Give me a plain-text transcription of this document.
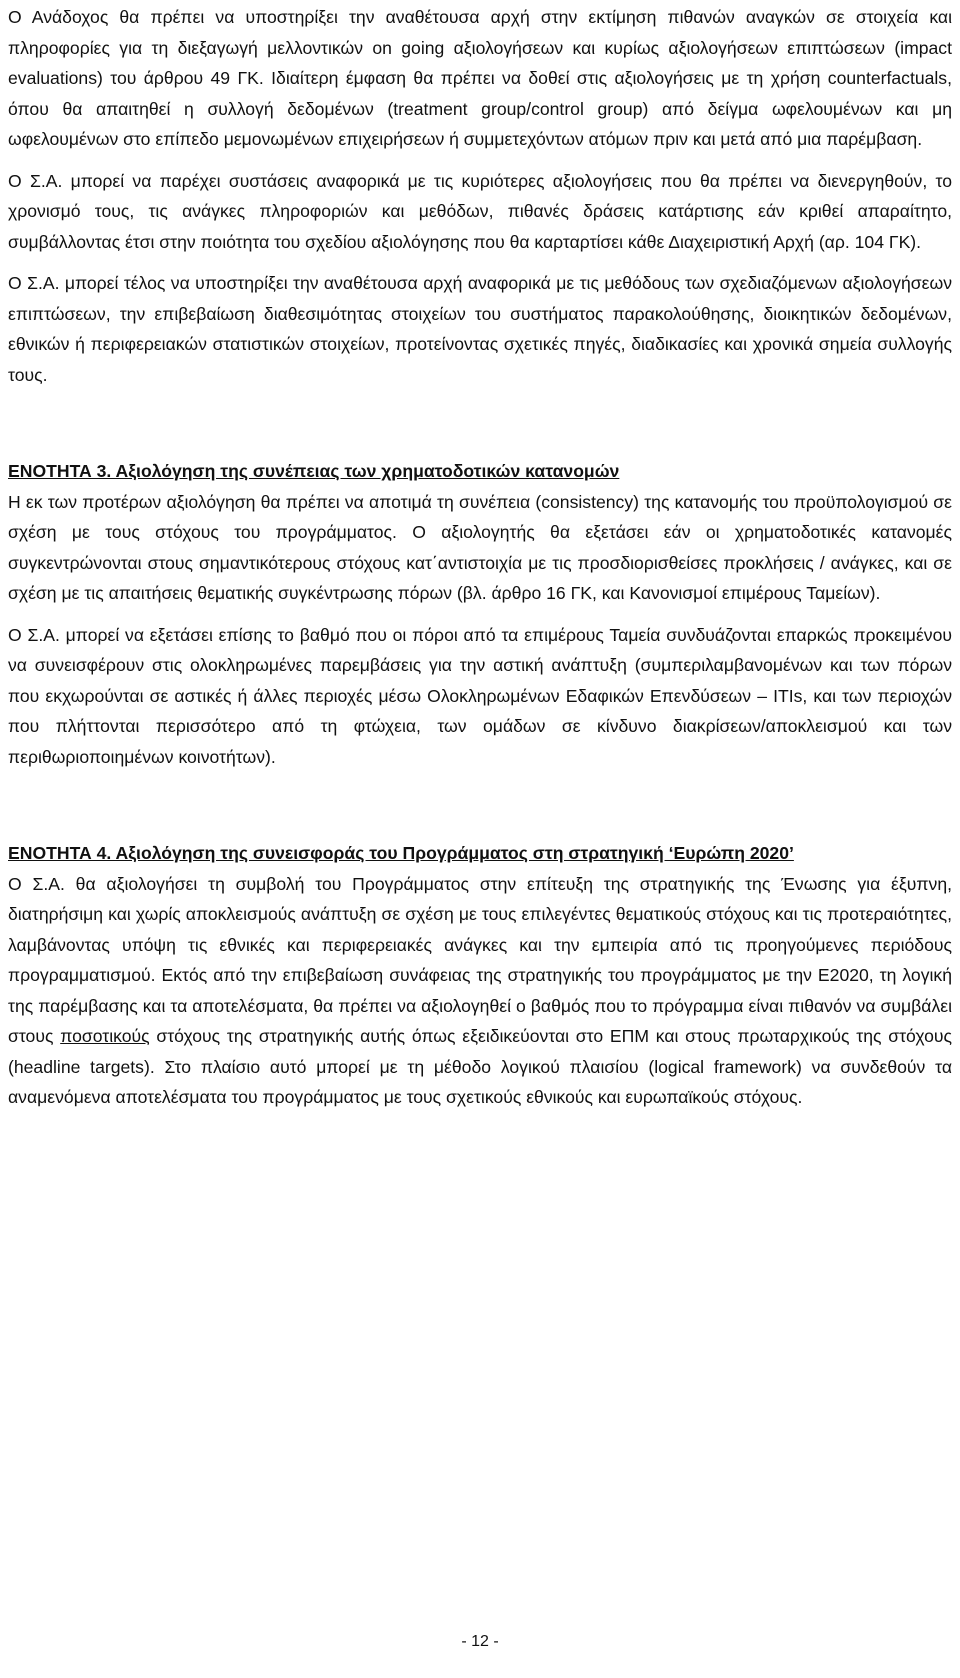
Ο Ανάδοχος θα πρέπει να υποστηρίξει την αναθέτουσα αρχή στην εκτίμηση πιθανών αναγκών σε στοιχεία και πληροφορίες για τη διεξαγωγή μελλοντικών on going αξιολογήσεων και κυρίως αξιολογήσεων επιπτώσεων (impact evaluations) του άρθρου 49 ΓΚ. Ιδιαίτερη έμφαση θα πρέπει να δοθεί στις αξιολογήσεις με τη χρήση counterfactuals, όπου θα απαιτηθεί η συλλογή δεδομένων (treatment group/control group) από δείγμα ωφελουμένων και μη ωφελουμένων στο επίπεδο μεμονωμένων επιχειρήσεων ή συμμετεχόντων ατόμων πριν και μετά από μια παρέμβαση.

Ο Σ.Α. μπορεί να παρέχει συστάσεις αναφορικά με τις κυριότερες αξιολογήσεις που θα πρέπει να διενεργηθούν, το χρονισμό τους, τις ανάγκες πληροφοριών και μεθόδων, πιθανές δράσεις κατάρτισης εάν κριθεί απαραίτητο, συμβάλλοντας έτσι στην ποιότητα του σχεδίου αξιολόγησης που θα καρταρτίσει κάθε Διαχειριστική Αρχή (αρ. 104 ΓΚ).

Ο Σ.Α. μπορεί τέλος να υποστηρίξει την αναθέτουσα αρχή αναφορικά με τις μεθόδους των σχεδιαζόμενων αξιολογήσεων επιπτώσεων, την επιβεβαίωση διαθεσιμότητας στοιχείων του συστήματος παρακολούθησης, διοικητικών δεδομένων, εθνικών ή περιφερειακών στατιστικών στοιχείων, προτείνοντας σχετικές πηγές, διαδικασίες και χρονικά σημεία συλλογής τους.

ΕΝΟΤΗΤΑ 3. Αξιολόγηση της συνέπειας των χρηματοδοτικών κατανομών

Η εκ των προτέρων αξιολόγηση θα πρέπει να αποτιμά τη συνέπεια (consistency) της κατανομής του προϋπολογισμού σε σχέση με τους στόχους του προγράμματος. Ο αξιολογητής θα εξετάσει εάν οι χρηματοδοτικές κατανομές συγκεντρώνονται στους σημαντικότερους στόχους κατ΄αντιστοιχία με τις προσδιορισθείσες προκλήσεις / ανάγκες, και σε σχέση με τις απαιτήσεις θεματικής συγκέντρωσης πόρων (βλ. άρθρο 16 ΓΚ, και Κανονισμοί επιμέρους Ταμείων).

Ο Σ.Α. μπορεί να εξετάσει επίσης το βαθμό που οι πόροι από τα επιμέρους Ταμεία συνδυάζονται επαρκώς προκειμένου να συνεισφέρουν στις ολοκληρωμένες παρεμβάσεις για την αστική ανάπτυξη (συμπεριλαμβανομένων και των πόρων που εκχωρούνται σε αστικές ή άλλες περιοχές μέσω Ολοκληρωμένων Εδαφικών Επενδύσεων – ITIs, και των περιοχών που πλήττονται περισσότερο από τη φτώχεια, των ομάδων σε κίνδυνο διακρίσεων/αποκλεισμού και των περιθωριοποιημένων κοινοτήτων).

ΕΝΟΤΗΤΑ 4. Αξιολόγηση της συνεισφοράς του Προγράμματος στη στρατηγική ‘Ευρώπη 2020’

Ο Σ.Α. θα αξιολογήσει τη συμβολή του Προγράμματος στην επίτευξη της στρατηγικής της Ένωσης για έξυπνη, διατηρήσιμη και χωρίς αποκλεισμούς ανάπτυξη σε σχέση με τους επιλεγέντες θεματικούς στόχους και τις προτεραιότητες, λαμβάνοντας υπόψη τις εθνικές και περιφερειακές ανάγκες και την εμπειρία από τις προηγούμενες περιόδους προγραμματισμού. Εκτός από την επιβεβαίωση συνάφειας της στρατηγικής του προγράμματος με την Ε2020, τη λογική της παρέμβασης και τα αποτελέσματα, θα πρέπει να αξιολογηθεί ο βαθμός που το πρόγραμμα είναι πιθανόν να συμβάλει στους ποσοτικούς στόχους της στρατηγικής αυτής όπως εξειδικεύονται στο ΕΠΜ και στους πρωταρχικούς της στόχους (headline targets). Στο πλαίσιο αυτό μπορεί με τη μέθοδο λογικού πλαισίου (logical framework) να συνδεθούν τα αναμενόμενα αποτελέσματα του προγράμματος με τους σχετικούς εθνικούς και ευρωπαϊκούς στόχους.

- 12 -
